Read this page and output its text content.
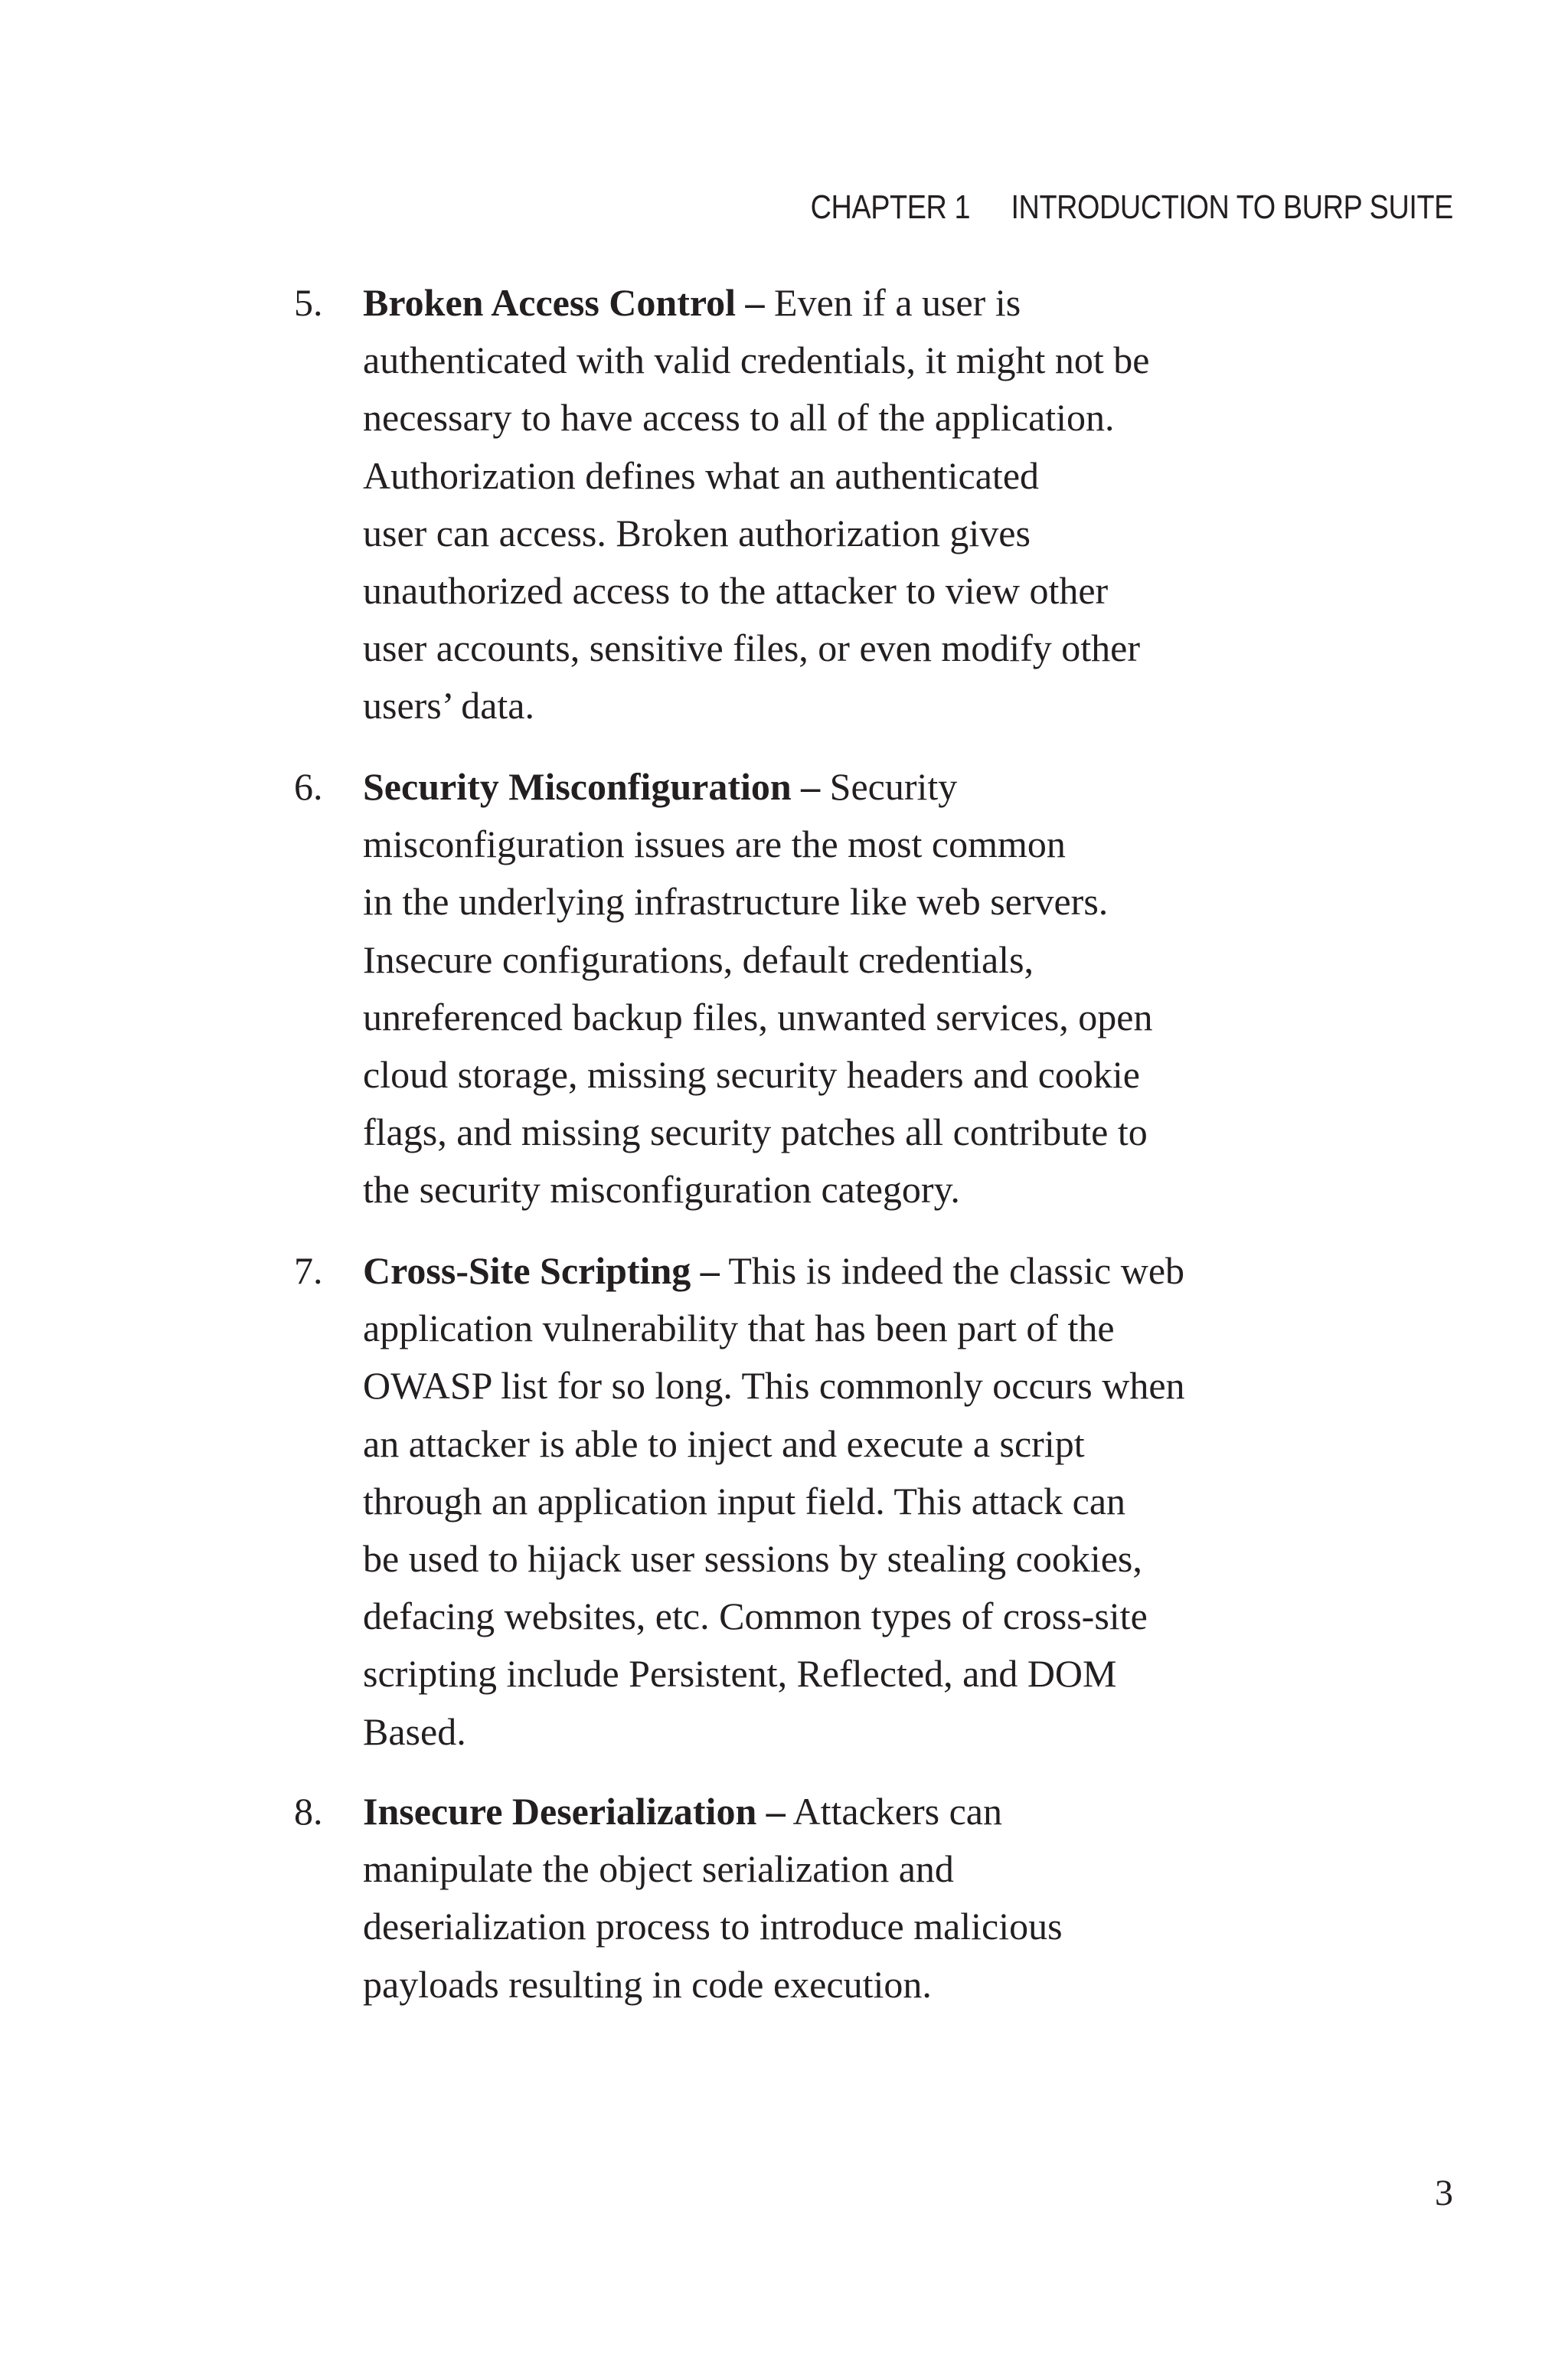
CHAPTER 1 INTRODUCTION TO BURP SUITE
5. Broken Access Control – Even if a user is
authenticated with valid credentials, it might not be
necessary to have access to all of the application.
Authorization defines what an authenticated
user can access. Broken authorization gives
unauthorized access to the attacker to view other
user accounts, sensitive files, or even modify other
users’ data.
6. Security Misconfiguration – Security
misconfiguration issues are the most common
in the underlying infrastructure like web servers.
Insecure configurations, default credentials,
unreferenced backup files, unwanted services, open
cloud storage, missing security headers and cookie
flags, and missing security patches all contribute to
the security misconfiguration category.
7. Cross-Site Scripting – This is indeed the classic web
application vulnerability that has been part of the
OWASP list for so long. This commonly occurs when
an attacker is able to inject and execute a script
through an application input field. This attack can
be used to hijack user sessions by stealing cookies,
defacing websites, etc. Common types of cross-site
scripting include Persistent, Reflected, and DOM
Based.
8. Insecure Deserialization – Attackers can
manipulate the object serialization and
deserialization process to introduce malicious
payloads resulting in code execution.
3
